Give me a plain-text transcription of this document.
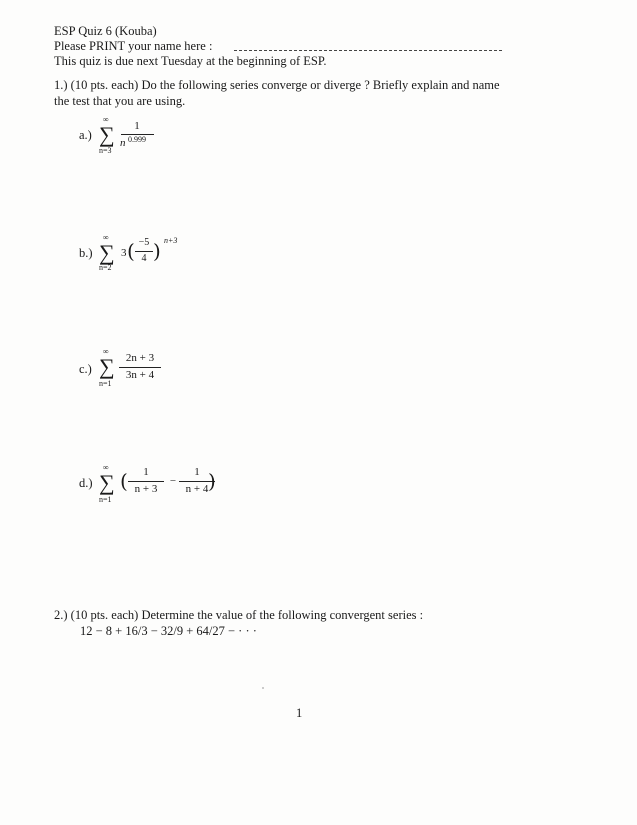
ESP Quiz 6 (Kouba)
Please PRINT your name here :
This quiz is due next Tuesday at the beginning of ESP.
1.) (10 pts. each) Do the following series converge or diverge ? Briefly explain and name
the test that you are using.
a.)
∞
∑
n=3
1
n 0.999
b.)
∞
∑
n=2
3 ( −5
4 ) n+3
c.)
∞
∑
n=1
2n + 3
3n + 4
d.)
∞
∑
n=1
(	1
n + 3
−
1
n + 4 )
2.) (10 pts. each) Determine the value of the following convergent series :
12 − 8 + 16/3 − 32/9 + 64/27 − · · ·
1
